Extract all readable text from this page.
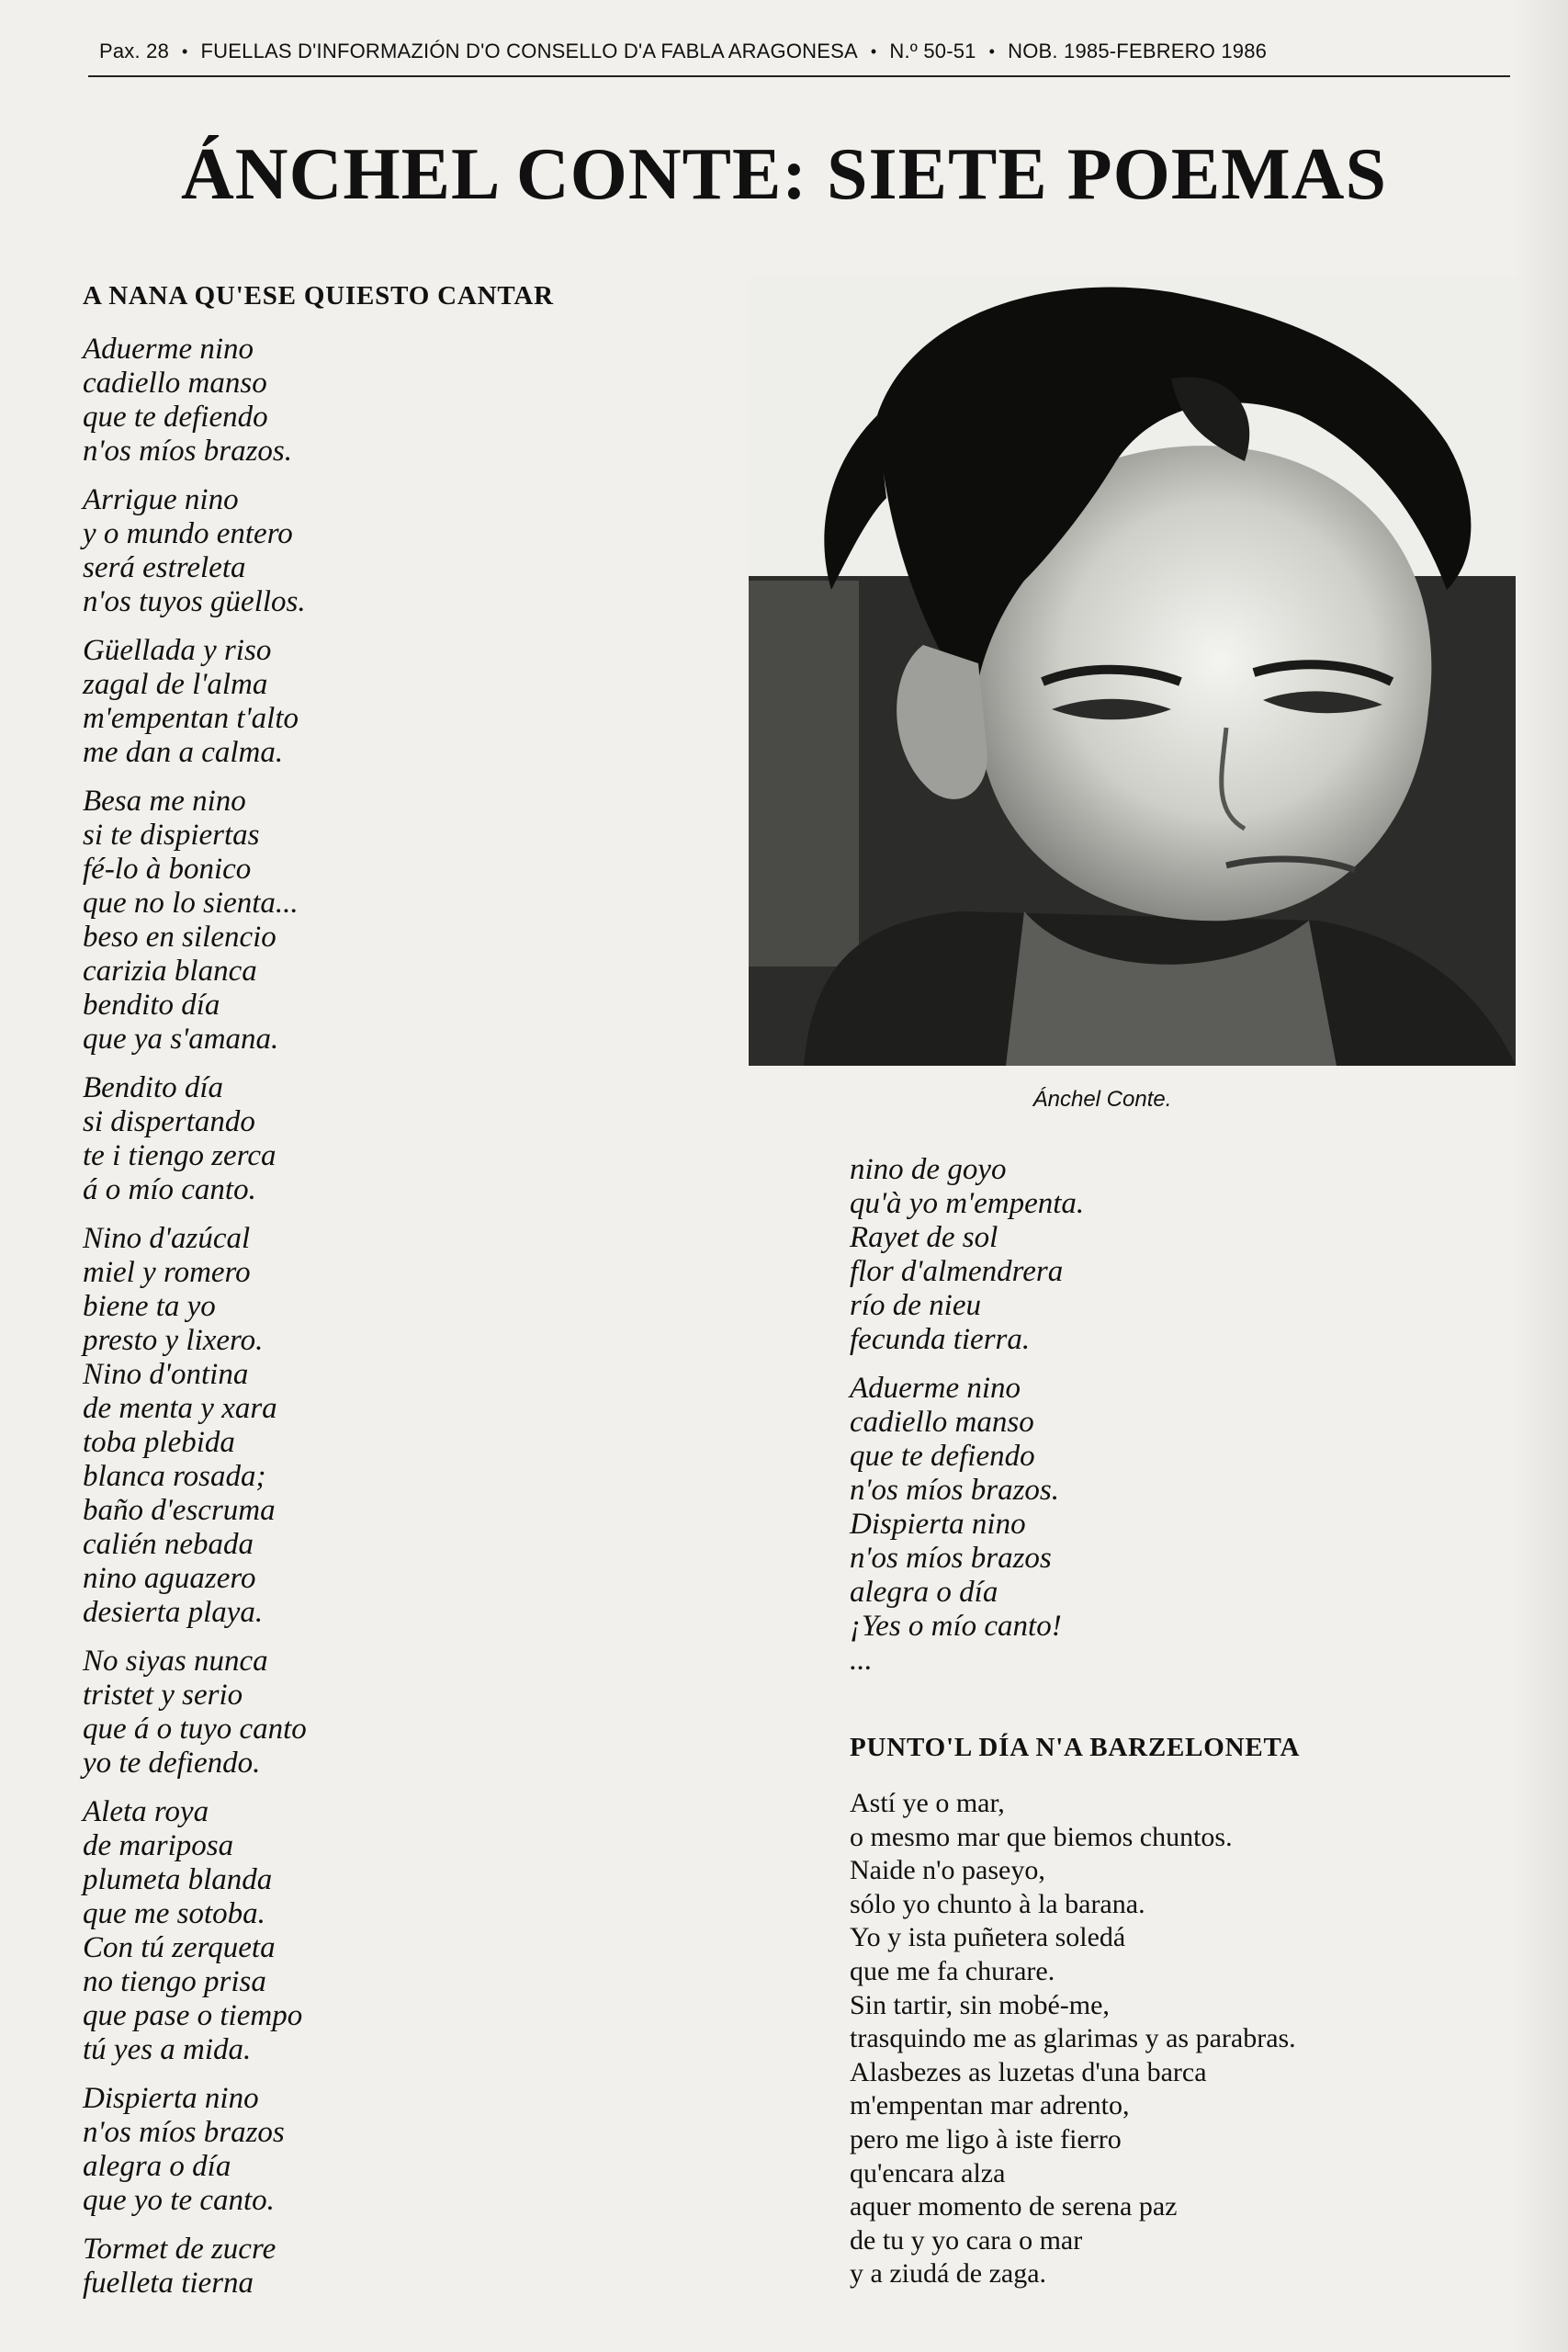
Pax. 28 • FUELLAS D'INFORMAZIÓN D'O CONSELLO D'A FABLA ARAGONESA • N.º 50-51 • NOB. 1985-FEBRERO 1986
ÁNCHEL CONTE: SIETE POEMAS
A NANA QU'ESE QUIESTO CANTAR

Aduerme nino
cadiello manso
que te defiendo
n'os míos brazos.

Arrigue nino
y o mundo entero
será estreleta
n'os tuyos güellos.

Güellada y riso
zagal de l'alma
m'empentan t'alto
me dan a calma.

Besa me nino
si te dispiertas
fé-lo à bonico
que no lo sienta...
beso en silencio
carizia blanca
bendito día
que ya s'amana.

Bendito día
si dispertando
te i tiengo zerca
á o mío canto.

Nino d'azúcal
miel y romero
biene ta yo
presto y lixero.

Nino d'ontina
de menta y xara
toba plebida
blanca rosada;
baño d'escruma
calién nebada
nino aguazero
desierta playa.

No siyas nunca
tristet y serio
que á o tuyo canto
yo te defiendo.

Aleta roya
de mariposa
plumeta blanda
que me sotoba.
Con tú zerqueta
no tiengo prisa
que pase o tiempo
tú yes a mida.

Dispierta nino
n'os míos brazos
alegra o día
que yo te canto.

Tormet de zucre
fuelleta tierna

Ánchel Conte.

nino de goyo
qu'à yo m'empenta.
Rayet de sol
flor d'almendrera
río de nieu
fecunda tierra.

Aduerme nino
cadiello manso
que te defiendo
n'os míos brazos.
Dispierta nino
n'os míos brazos
alegra o día
¡Yes o mío canto!
...

PUNTO'L DÍA N'A BARZELONETA
Astí ye o mar,
o mesmo mar que biemos chuntos.
Naide n'o paseyo,
sólo yo chunto à la barana.
Yo y ista puñetera soledá
que me fa churare.
Sin tartir, sin mobé-me,
trasquindo me as glarimas y as parabras.
Alasbezes as luzetas d'una barca
m'empentan mar adrento,
pero me ligo à iste fierro
qu'encara alza
aquer momento de serena paz
de tu y yo cara o mar
y a ziudá de zaga.
